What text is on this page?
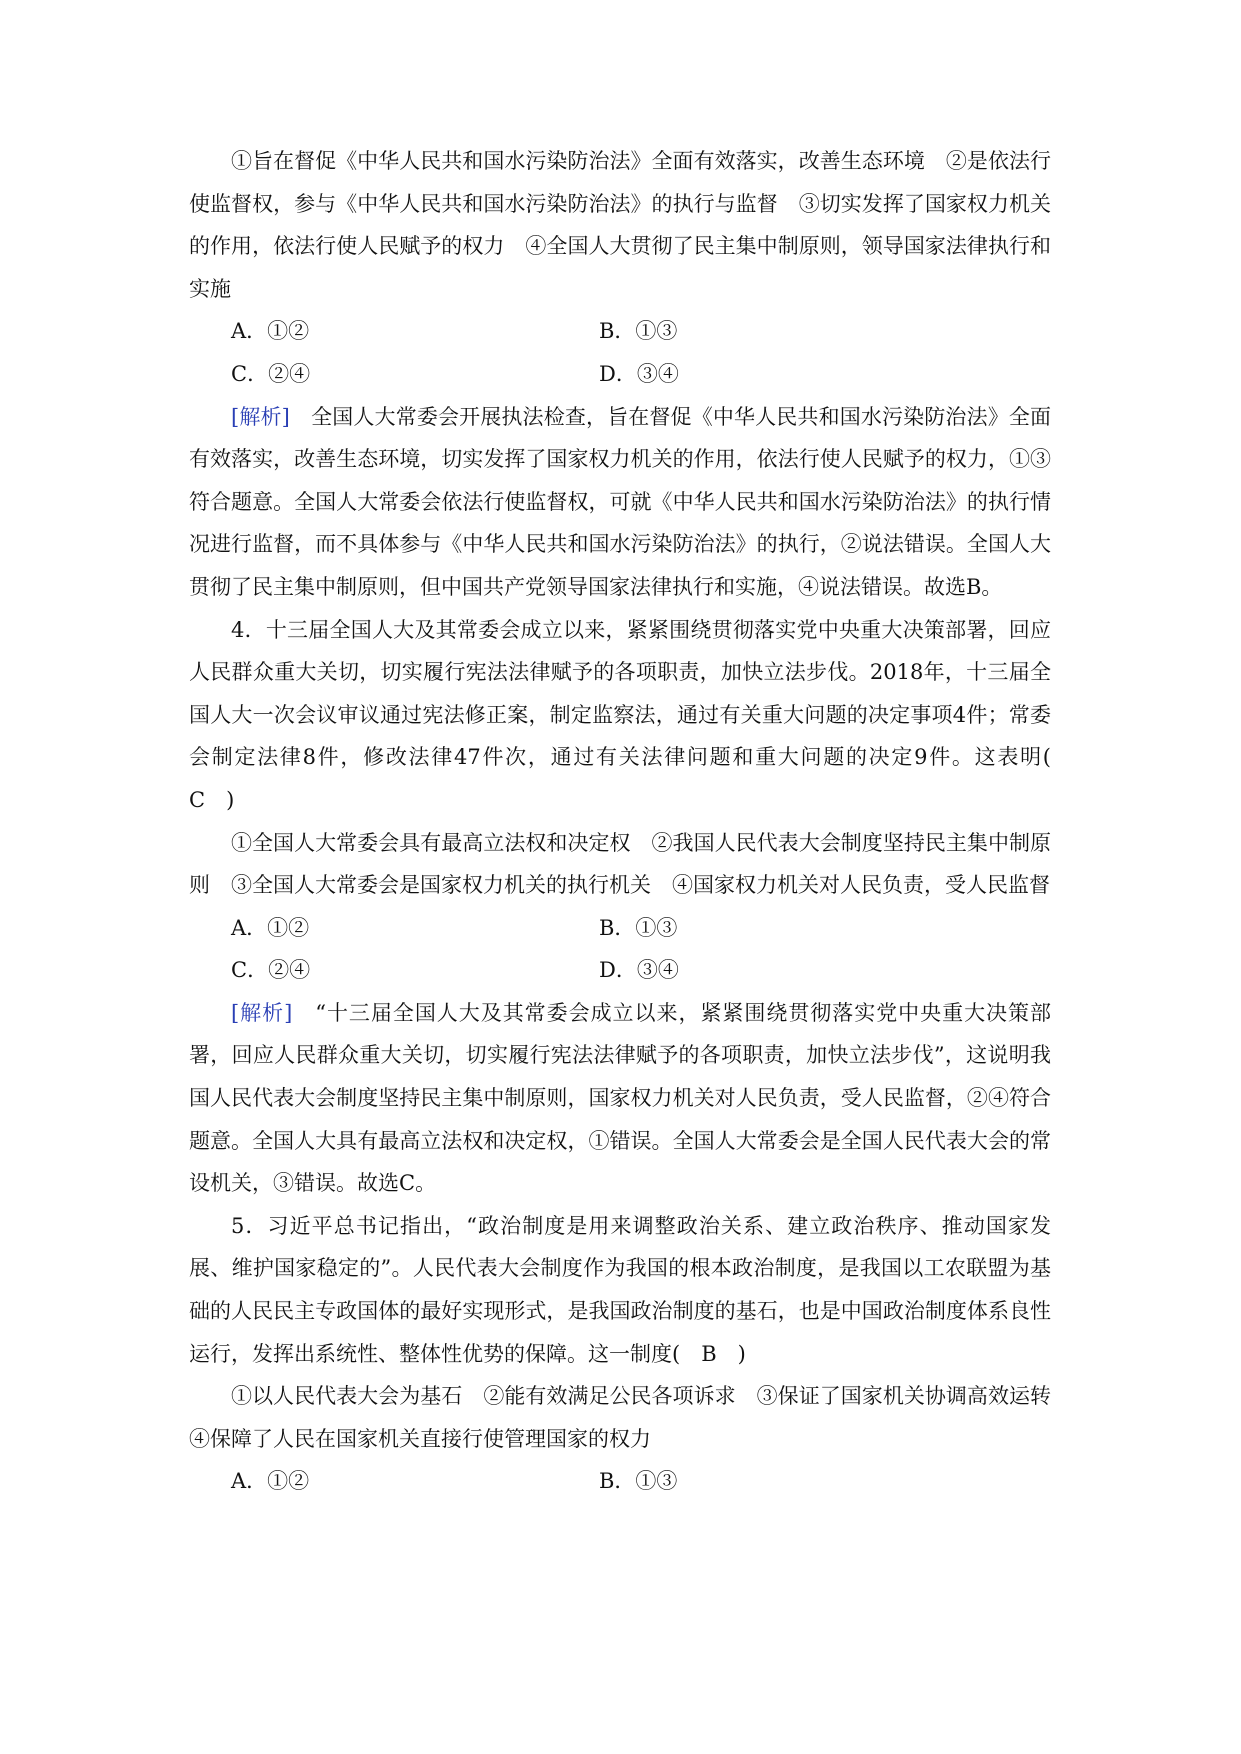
①旨在督促《中华人民共和国水污染防治法》全面有效落实，改善生态环境　②是依法行使监督权，参与《中华人民共和国水污染防治法》的执行与监督　③切实发挥了国家权力机关的作用，依法行使人民赋予的权力　④全国人大贯彻了民主集中制原则，领导国家法律执行和实施

A．①②	B．①③
C．②④	D．③④

[解析]　全国人大常委会开展执法检查，旨在督促《中华人民共和国水污染防治法》全面有效落实，改善生态环境，切实发挥了国家权力机关的作用，依法行使人民赋予的权力，①③符合题意。全国人大常委会依法行使监督权，可就《中华人民共和国水污染防治法》的执行情况进行监督，而不具体参与《中华人民共和国水污染防治法》的执行，②说法错误。全国人大贯彻了民主集中制原则，但中国共产党领导国家法律执行和实施，④说法错误。故选B。

4．十三届全国人大及其常委会成立以来，紧紧围绕贯彻落实党中央重大决策部署，回应人民群众重大关切，切实履行宪法法律赋予的各项职责，加快立法步伐。2018年，十三届全国人大一次会议审议通过宪法修正案，制定监察法，通过有关重大问题的决定事项4件；常委会制定法律8件，修改法律47件次，通过有关法律问题和重大问题的决定9件。这表明(　C　)

①全国人大常委会具有最高立法权和决定权　②我国人民代表大会制度坚持民主集中制原则　③全国人大常委会是国家权力机关的执行机关　④国家权力机关对人民负责，受人民监督

A．①②	B．①③
C．②④	D．③④

[解析]　“十三届全国人大及其常委会成立以来，紧紧围绕贯彻落实党中央重大决策部署，回应人民群众重大关切，切实履行宪法法律赋予的各项职责，加快立法步伐”，这说明我国人民代表大会制度坚持民主集中制原则，国家权力机关对人民负责，受人民监督，②④符合题意。全国人大具有最高立法权和决定权，①错误。全国人大常委会是全国人民代表大会的常设机关，③错误。故选C。

5．习近平总书记指出，“政治制度是用来调整政治关系、建立政治秩序、推动国家发展、维护国家稳定的”。人民代表大会制度作为我国的根本政治制度，是我国以工农联盟为基础的人民民主专政国体的最好实现形式，是我国政治制度的基石，也是中国政治制度体系良性运行，发挥出系统性、整体性优势的保障。这一制度(　B　)

①以人民代表大会为基石　②能有效满足公民各项诉求　③保证了国家机关协调高效运转　④保障了人民在国家机关直接行使管理国家的权力

A．①②	B．①③
